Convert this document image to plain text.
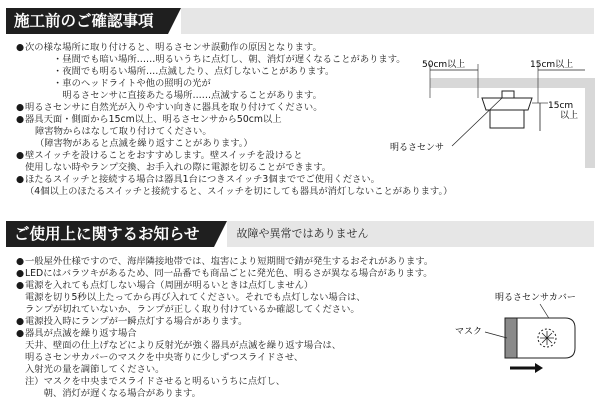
施工前のご確認事項
● 次の様な場所に取り付けると、明るさセンサ誤動作の原因となります。
・昼間でも暗い場所‥‥‥明るいうちに点灯し、朝、消灯が遅くなることがあります。
・夜間でも明るい場所‥‥点滅したり、点灯しないことがあります。
・車のヘッドライトや他の照明の光が
　明るさセンサに直接あたる場所‥‥‥点滅することがあります。
● 明るさセンサに自然光が入りやすい向きに器具を取り付けてください。
● 器具天面・側面から15cm以上、明るさセンサから50cm以上
障害物からはなして取り付けてください。
（障害物があると点滅を繰り返すことがあります。）
● 壁スイッチを設けることをおすすめします。壁スイッチを設けると
使用しない時やランプ交換、お手入れの際に電源を切ることができます。
● ほたるスイッチと接続する場合は器具1台につきスイッチ3個まででご使用ください。
（4個以上のほたるスイッチと接続すると、スイッチを切にしても器具が消灯しないことがあります。）
50cm以上	15cm以上
15cm
以上
明るさセンサ
ご使用上に関するお知らせ	故障や異常ではありません
● 一般屋外仕様ですので、海岸隣接地帯では、塩害により短期間で錆が発生するおそれがあります。
● LEDにはバラツキがあるため、同一品番でも商品ごとに発光色、明るさが異なる場合があります。
● 電源を入れても点灯しない場合（周囲が明るいときは点灯しません）
電源を切り5秒以上たってから再び入れてください。それでも点灯しない場合は、
ランプが切れていないか、ランプが正しく取り付けているか確認してください。
● 電源投入時にランプが一瞬点灯する場合があります。
● 器具が点滅を繰り返す場合
天井、壁面の仕上げなどにより反射光が強く器具が点滅を繰り返す場合は、
明るさセンサカバーのマスクを中央寄りに少しずつスライドさせ、
入射光の量を調節してください。
注）マスクを中央までスライドさせると明るいうちに点灯し、
　　朝、消灯が遅くなる場合があります。
明るさセンサカバー
マスク
